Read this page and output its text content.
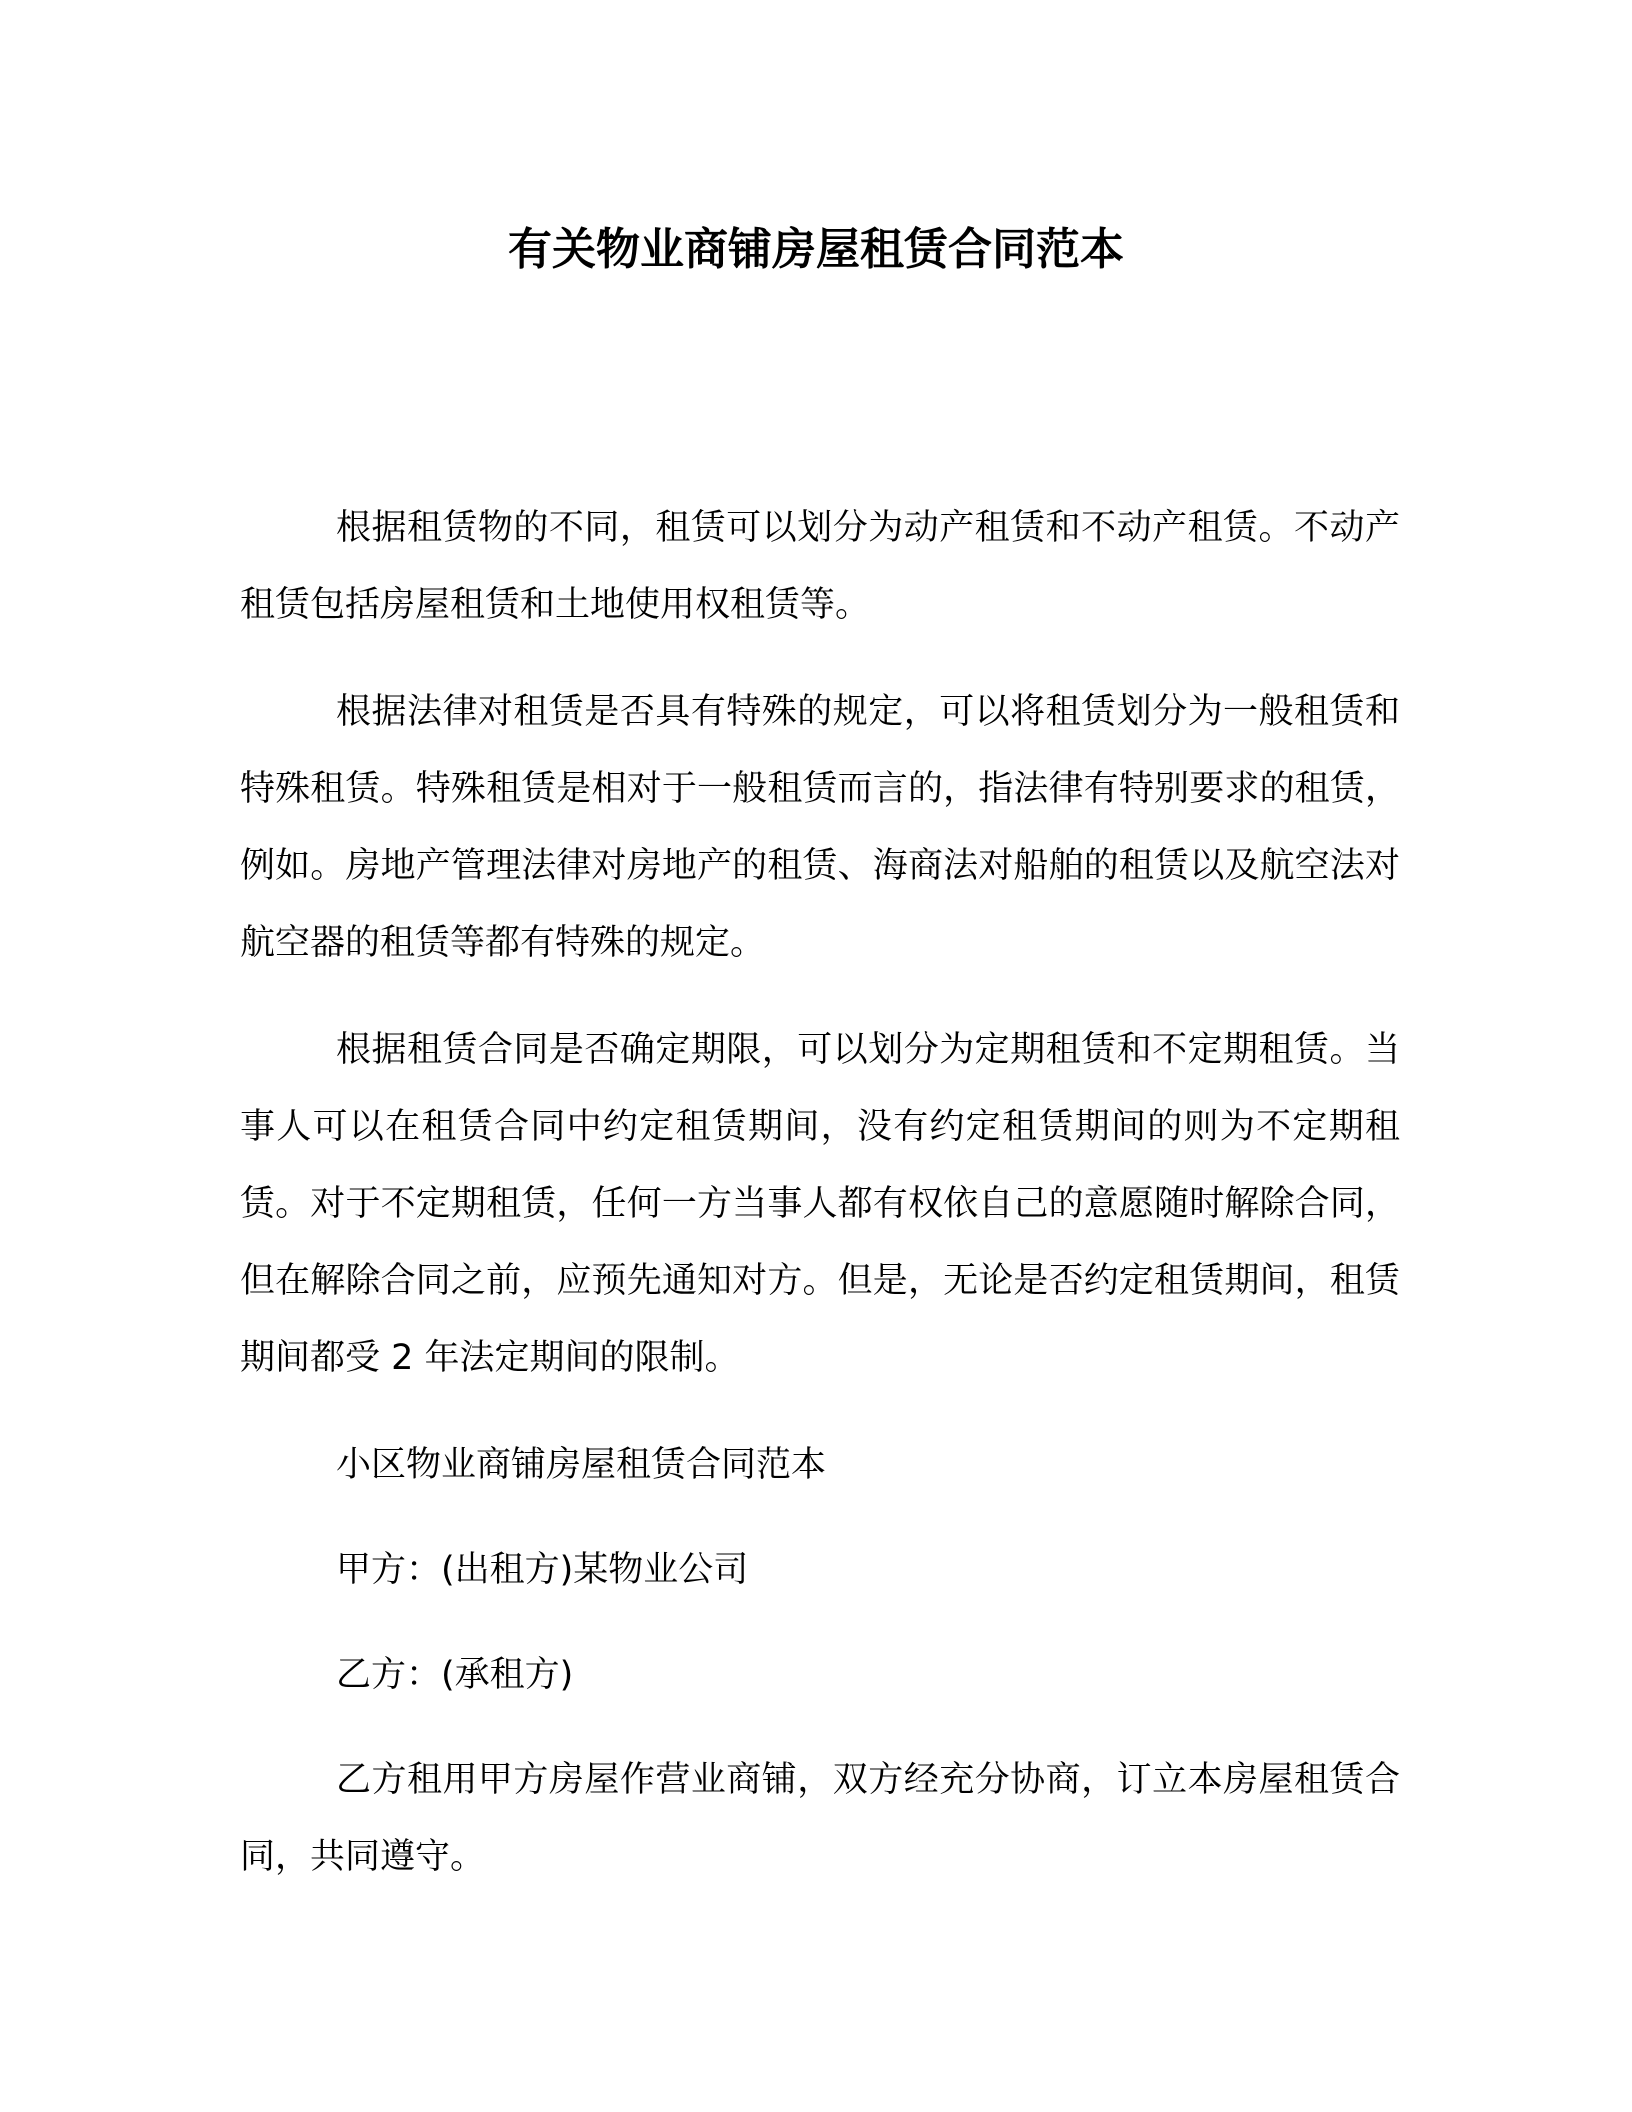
有关物业商铺房屋租赁合同范本

根据租赁物的不同，租赁可以划分为动产租赁和不动产租赁。不动产租赁包括房屋租赁和土地使用权租赁等。

根据法律对租赁是否具有特殊的规定，可以将租赁划分为一般租赁和特殊租赁。特殊租赁是相对于一般租赁而言的，指法律有特别要求的租赁，例如。房地产管理法律对房地产的租赁、海商法对船舶的租赁以及航空法对航空器的租赁等都有特殊的规定。

根据租赁合同是否确定期限，可以划分为定期租赁和不定期租赁。当事人可以在租赁合同中约定租赁期间，没有约定租赁期间的则为不定期租赁。对于不定期租赁，任何一方当事人都有权依自己的意愿随时解除合同，但在解除合同之前，应预先通知对方。但是，无论是否约定租赁期间，租赁期间都受 2 年法定期间的限制。

小区物业商铺房屋租赁合同范本

甲方：(出租方)某物业公司

乙方：(承租方)

乙方租用甲方房屋作营业商铺，双方经充分协商，订立本房屋租赁合同，共同遵守。
